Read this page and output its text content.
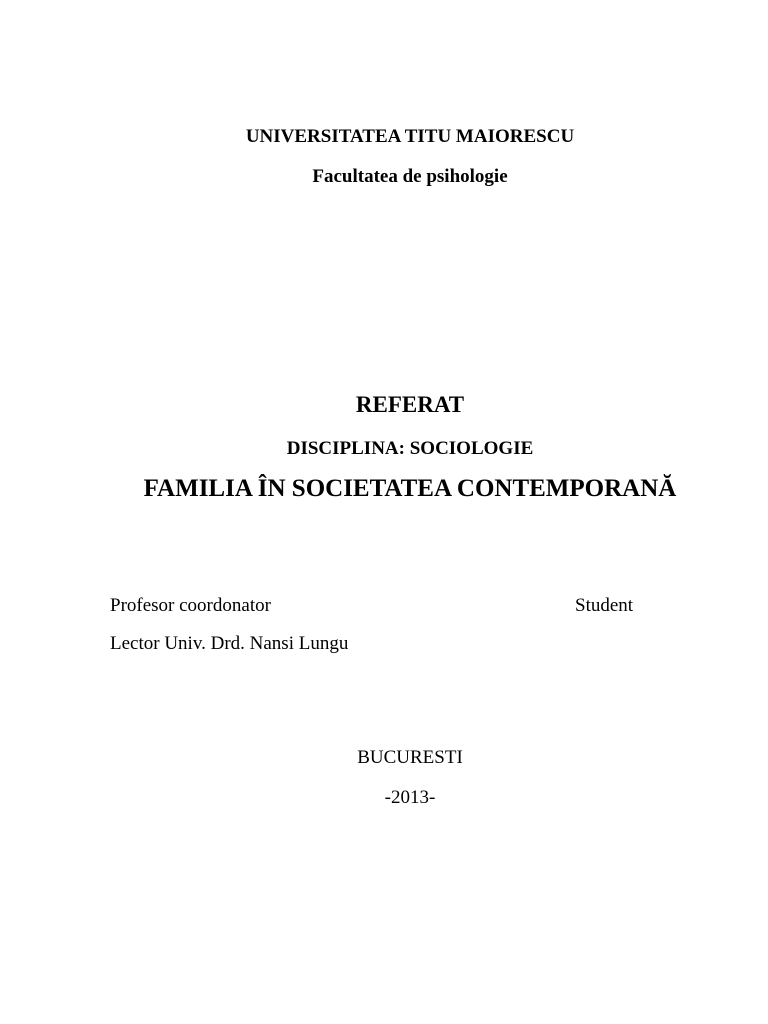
UNIVERSITATEA TITU MAIORESCU
Facultatea de psihologie
REFERAT
DISCIPLINA: SOCIOLOGIE
FAMILIA ÎN SOCIETATEA CONTEMPORANĂ
Profesor coordonator	Student
Lector Univ. Drd. Nansi Lungu
BUCURESTI
-2013-
